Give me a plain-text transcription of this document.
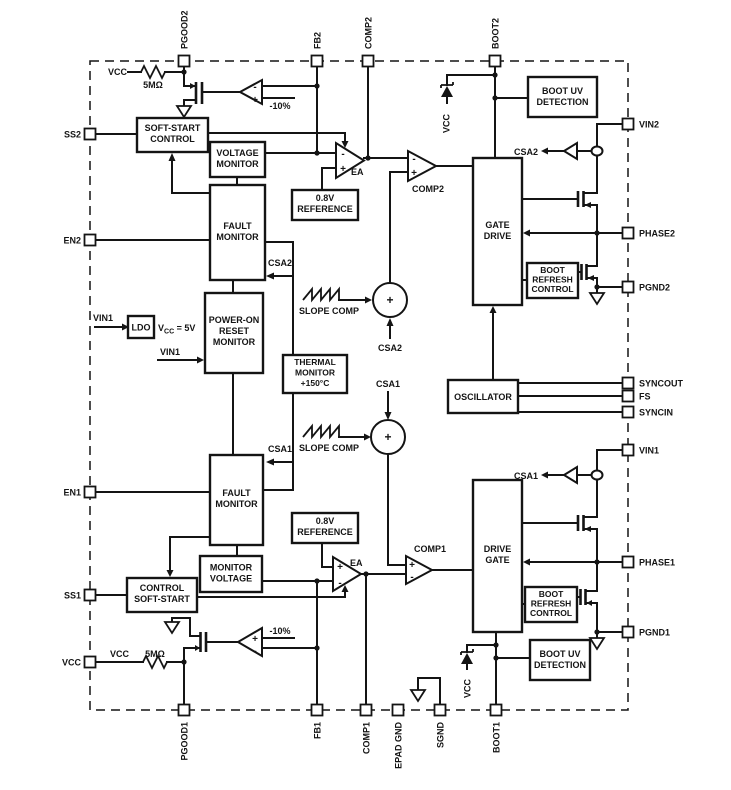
SOFT-START
CONTROL
VOLTAGE
MONITOR
FAULT
MONITOR
0.8V
REFERENCE
POWER-ON
RESET
MONITOR
LDO
THERMAL
MONITOR
+150°C
BOOT UV
DETECTION
GATE
DRIVE
BOOT
REFRESH
CONTROL
OSCILLATOR
FAULT
MONITOR
0.8V
REFERENCE
MONITOR
VOLTAGE
CONTROL
SOFT-START
DRIVE
GATE
BOOT
REFRESH
CONTROL
BOOT UV
DETECTION
PGOOD2	FB2	COMP2	BOOT2
SS2
EN2
EN1
SS1
VCC
VIN2
PHASE2
PGND2
SYNCOUT
FS
SYNCIN
VIN1
PHASE1
PGND1
PGOOD1	FB1	COMP1 EPAD GND	SGND	BOOT1
VCC
5MΩ
-10%
EA
COMP2
VCC
CSA2
SLOPE COMP
CSA2
CSA2
VIN1
$V_{CC} = 5V$
VIN1
CSA1
SLOPE COMP
CSA1
CSA1
EA
COMP1
-10%
VCC 5MΩ
VCC
-
+
-
+
-
+
+
-
+
-
+
-
+
+
